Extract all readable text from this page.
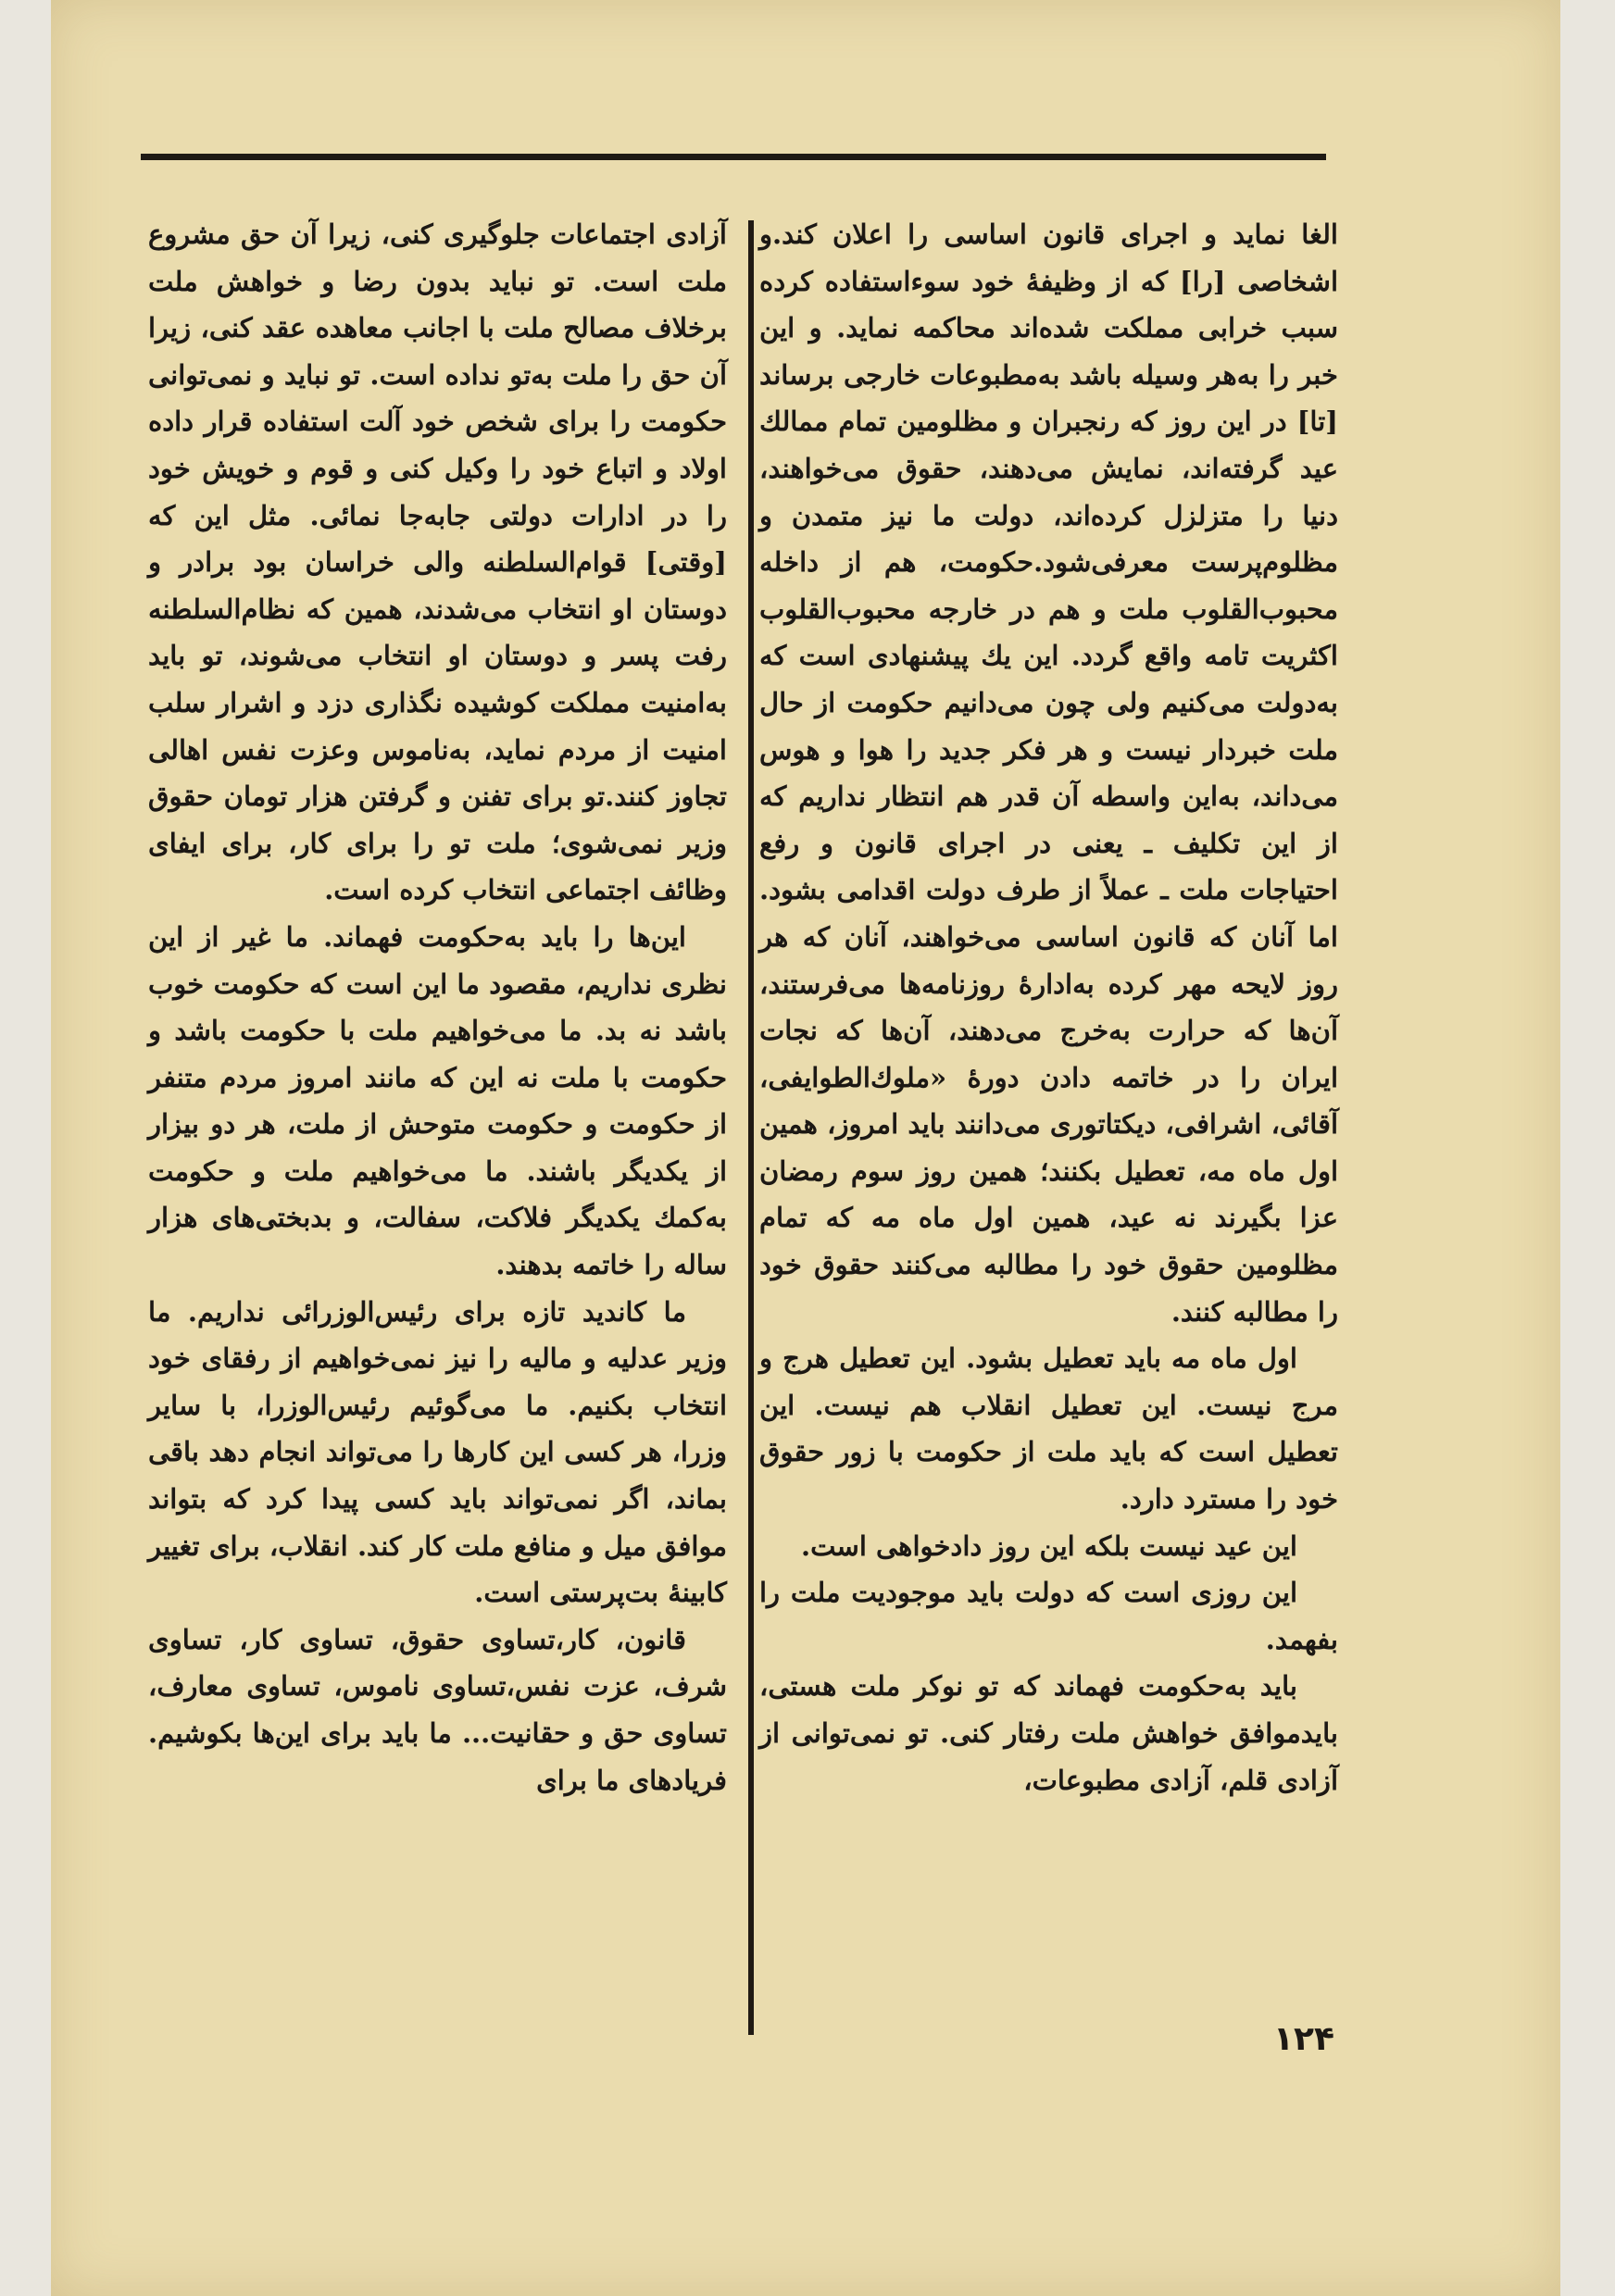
الغا نماید و اجرای قانون اساسی را اعلان کند.و اشخاصی [را] که از وظیفهٔ خود سوءاستفاده کرده سبب خرابی مملکت شده‌اند محاکمه نماید. و این خبر را به‌هر وسیله باشد به‌مطبوعات خارجی برساند [تا] در این روز که رنجبران و مظلومین تمام ممالك عید گرفته‌اند، نمایش می‌دهند، حقوق می‌خواهند، دنیا را متزلزل کرده‌اند، دولت ما نیز متمدن و مظلوم‌پرست معرفی‌شود.حکومت، هم از داخله محبوب‌القلوب ملت و هم در خارجه محبوب‌القلوب اکثریت تامه واقع گردد. این يك پیشنهادی است که به‌دولت می‌کنیم ولی چون می‌دانیم حکومت از حال ملت خبردار نیست و هر فکر جدید را هوا و هوس می‌داند، به‌این واسطه آن قدر هم انتظار نداریم که از این تکلیف ـ یعنی در اجرای قانون و رفع احتیاجات ملت ـ عملاً از طرف دولت اقدامی بشود. اما آنان که قانون اساسی می‌خواهند، آنان که هر روز لایحه مهر کرده به‌ادارهٔ روزنامه‌ها می‌فرستند، آن‌ها که حرارت به‌خرج می‌دهند، آن‌ها که نجات ایران را در خاتمه دادن دورهٔ «ملوك‌الطوایفی، آقائی، اشرافی، دیکتاتوری می‌دانند باید امروز، همین اول ماه مه، تعطیل بکنند؛ همین روز سوم رمضان عزا بگیرند نه عید، همین اول ماه مه که تمام مظلومین حقوق خود را مطالبه می‌کنند حقوق خود را مطالبه کنند.

اول ماه مه باید تعطیل بشود. این تعطیل هرج و مرج نیست. این تعطیل انقلاب هم نیست. این تعطیل است که باید ملت از حکومت با زور حقوق خود را مسترد دارد.

این عید نیست بلکه این روز دادخواهی است.

این روزی است که دولت باید موجودیت ملت را بفهمد.

باید به‌حکومت فهماند که تو نوکر ملت هستی، بایدموافق خواهش ملت رفتار کنی. تو نمی‌توانی از آزادی قلم، آزادی مطبوعات،

آزادی اجتماعات جلوگیری کنی، زیرا آن حق مشروع ملت است. تو نباید بدون رضا و خواهش ملت برخلاف مصالح ملت با اجانب معاهده عقد کنی، زیرا آن حق را ملت به‌تو نداده است. تو نباید و نمی‌توانی حکومت را برای شخص خود آلت استفاده قرار داده اولاد و اتباع خود را وکیل کنی و قوم و خویش خود را در ادارات دولتی جابه‌جا نمائی. مثل این که [وقتی] قوام‌السلطنه والی خراسان بود برادر و دوستان او انتخاب می‌شدند، همین که نظام‌السلطنه رفت پسر و دوستان او انتخاب می‌شوند، تو باید به‌امنیت مملکت کوشیده نگذاری دزد و اشرار سلب امنیت از مردم نماید، به‌ناموس وعزت نفس اهالی تجاوز کنند.تو برای تفنن و گرفتن هزار تومان حقوق وزیر نمی‌شوی؛ ملت تو را برای کار، برای ایفای وظائف اجتماعی انتخاب کرده است.

این‌ها را باید به‌حکومت فهماند. ما غیر از این نظری نداریم، مقصود ما این است که حکومت خوب باشد نه بد. ما می‌خواهیم ملت با حکومت باشد و حکومت با ملت نه این که مانند امروز مردم متنفر از حکومت و حکومت متوحش از ملت، هر دو بیزار از یکدیگر باشند. ما می‌خواهیم ملت و حکومت به‌کمك یکدیگر فلاکت، سفالت، و بدبختی‌های هزار ساله را خاتمه بدهند.

ما کاندید تازه برای رئیس‌الوزرائی نداریم. ما وزیر عدلیه و مالیه را نیز نمی‌خواهیم از رفقای خود انتخاب بکنیم. ما می‌گوئیم رئیس‌الوزرا، با سایر وزرا، هر کسی این کارها را می‌تواند انجام دهد باقی بماند، اگر نمی‌تواند باید کسی پیدا کرد که بتواند موافق میل و منافع ملت کار کند. انقلاب، برای تغییر کابینهٔ بت‌پرستی است.

قانون، کار،تساوی حقوق، تساوی کار، تساوی شرف، عزت نفس،تساوی ناموس، تساوی معارف، تساوی حق و حقانیت... ما باید برای این‌ها بکوشیم. فریادهای ما برای

۱۲۴
